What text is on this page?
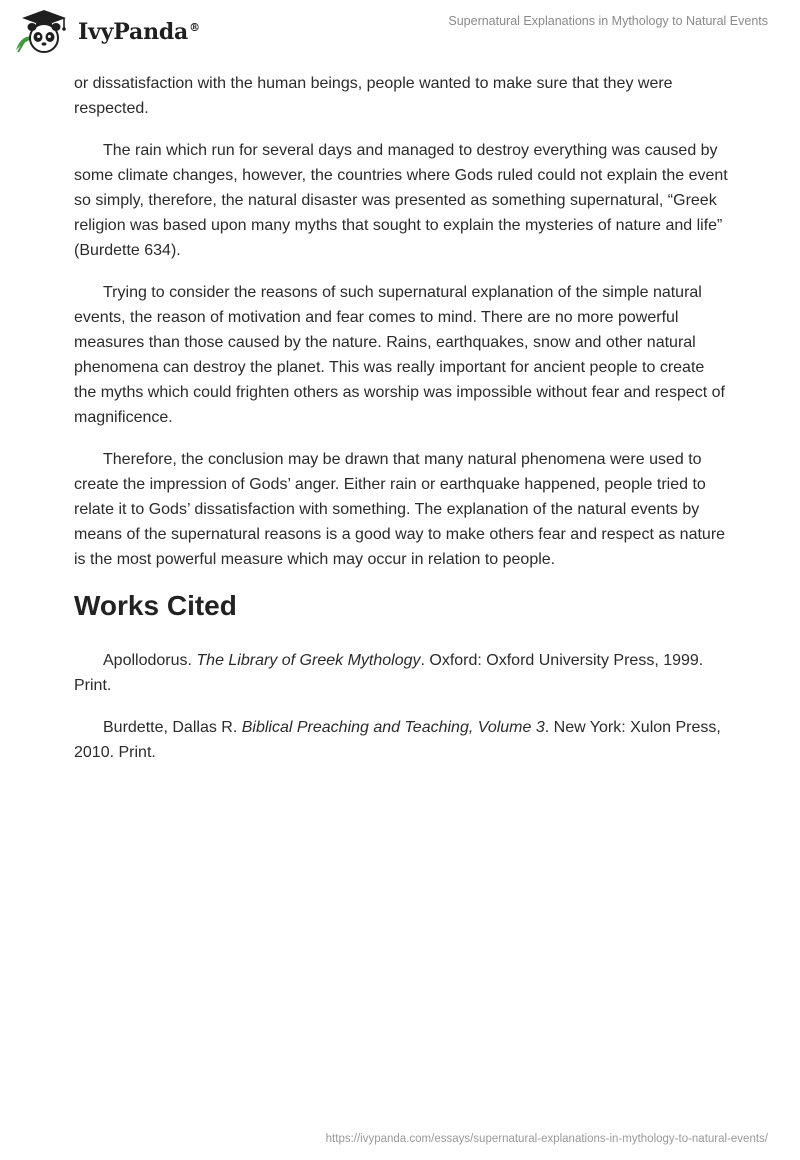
IvyPanda®	Supernatural Explanations in Mythology to Natural Events

or dissatisfaction with the human beings, people wanted to make sure that they were respected.

The rain which run for several days and managed to destroy everything was caused by some climate changes, however, the countries where Gods ruled could not explain the event so simply, therefore, the natural disaster was presented as something supernatural, “Greek religion was based upon many myths that sought to explain the mysteries of nature and life” (Burdette 634).

Trying to consider the reasons of such supernatural explanation of the simple natural events, the reason of motivation and fear comes to mind. There are no more powerful measures than those caused by the nature. Rains, earthquakes, snow and other natural phenomena can destroy the planet. This was really important for ancient people to create the myths which could frighten others as worship was impossible without fear and respect of magnificence.

Therefore, the conclusion may be drawn that many natural phenomena were used to create the impression of Gods’ anger. Either rain or earthquake happened, people tried to relate it to Gods’ dissatisfaction with something. The explanation of the natural events by means of the supernatural reasons is a good way to make others fear and respect as nature is the most powerful measure which may occur in relation to people.

Works Cited

Apollodorus. The Library of Greek Mythology. Oxford: Oxford University Press, 1999. Print.

Burdette, Dallas R. Biblical Preaching and Teaching, Volume 3. New York: Xulon Press, 2010. Print.

https://ivypanda.com/essays/supernatural-explanations-in-mythology-to-natural-events/
